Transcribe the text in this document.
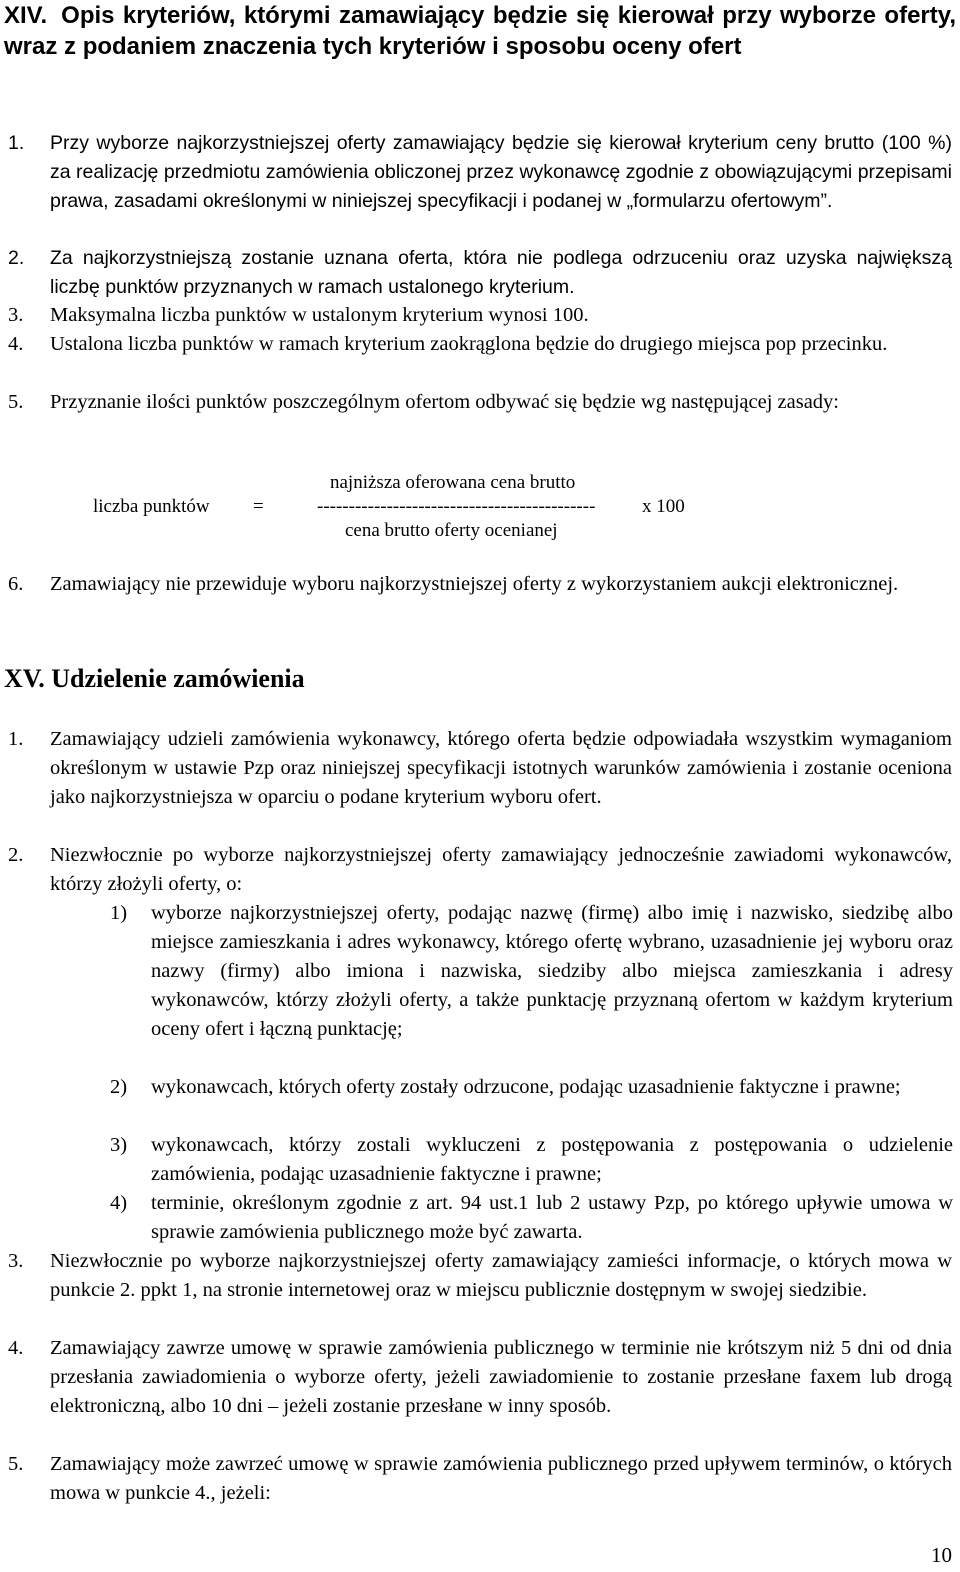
XIV. Opis kryteriów, którymi zamawiający będzie się kierował przy wyborze oferty, wraz z podaniem znaczenia tych kryteriów i sposobu oceny ofert
1. Przy wyborze najkorzystniejszej oferty zamawiający będzie się kierował kryterium ceny brutto (100 %) za realizację przedmiotu zamówienia obliczonej przez wykonawcę zgodnie z obowiązującymi przepisami prawa, zasadami określonymi w niniejszej specyfikacji i podanej w „formularzu ofertowym”.
2. Za najkorzystniejszą zostanie uznana oferta, która nie podlega odrzuceniu oraz uzyska największą liczbę punktów przyznanych w ramach ustalonego kryterium.
3. Maksymalna liczba punktów w ustalonym kryterium wynosi 100.
4. Ustalona liczba punktów w ramach kryterium zaokrąglona będzie do drugiego miejsca pop przecinku.
5. Przyznanie ilości punktów poszczególnym ofertom odbywać się będzie wg następującej zasady:
najniższa oferowana cena brutto
liczba punktów =	-------------------------------------------- x 100
cena brutto oferty ocenianej
6. Zamawiający nie przewiduje wyboru najkorzystniejszej oferty z wykorzystaniem aukcji elektronicznej.
XV. Udzielenie zamówienia
1. Zamawiający udzieli zamówienia wykonawcy, którego oferta będzie odpowiadała wszystkim wymaganiom określonym w ustawie Pzp oraz niniejszej specyfikacji istotnych warunków zamówienia i zostanie oceniona jako najkorzystniejsza w oparciu o podane kryterium wyboru ofert.
2. Niezwłocznie po wyborze najkorzystniejszej oferty zamawiający jednocześnie zawiadomi wykonawców, którzy złożyli oferty, o:
1) wyborze najkorzystniejszej oferty, podając nazwę (firmę) albo imię i nazwisko, siedzibę albo miejsce zamieszkania i adres wykonawcy, którego ofertę wybrano, uzasadnienie jej wyboru oraz nazwy (firmy) albo imiona i nazwiska, siedziby albo miejsca zamieszkania i adresy wykonawców, którzy złożyli oferty, a także punktację przyznaną ofertom w każdym kryterium oceny ofert i łączną punktację;
2) wykonawcach, których oferty zostały odrzucone, podając uzasadnienie faktyczne i prawne;
3) wykonawcach, którzy zostali wykluczeni z postępowania z postępowania o udzielenie zamówienia, podając uzasadnienie faktyczne i prawne;
4) terminie, określonym zgodnie z art. 94 ust.1 lub 2 ustawy Pzp, po którego upływie umowa w sprawie zamówienia publicznego może być zawarta.
3. Niezwłocznie po wyborze najkorzystniejszej oferty zamawiający zamieści informacje, o których mowa w punkcie 2. ppkt 1, na stronie internetowej oraz w miejscu publicznie dostępnym w swojej siedzibie.
4. Zamawiający zawrze umowę w sprawie zamówienia publicznego w terminie nie krótszym niż 5 dni od dnia przesłania zawiadomienia o wyborze oferty, jeżeli zawiadomienie to zostanie przesłane faxem lub drogą elektroniczną, albo 10 dni – jeżeli zostanie przesłane w inny sposób.
5. Zamawiający może zawrzeć umowę w sprawie zamówienia publicznego przed upływem terminów, o których mowa w punkcie 4., jeżeli:
10
